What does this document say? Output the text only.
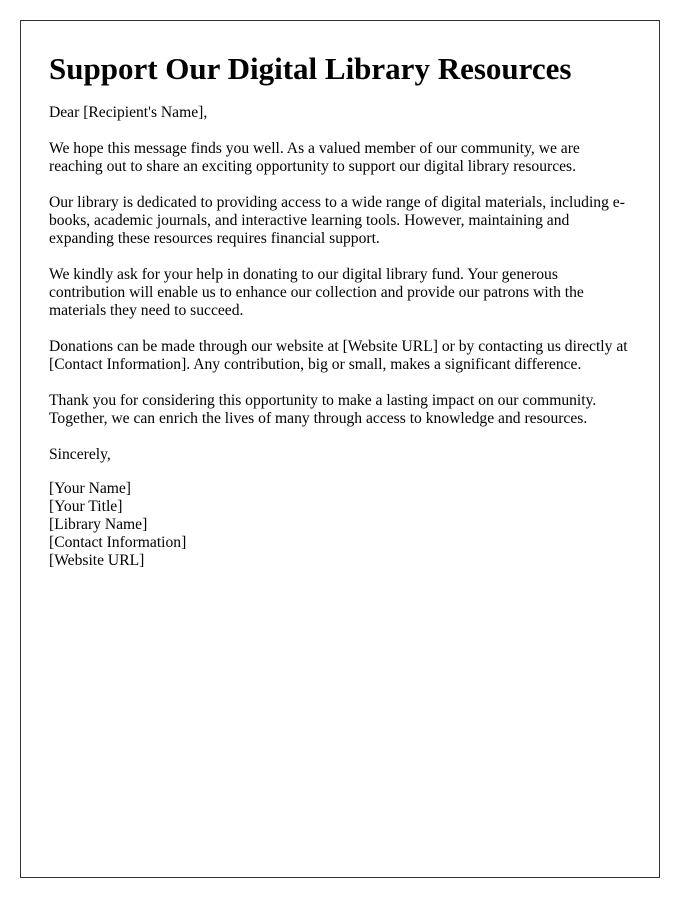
Support Our Digital Library Resources

Dear [Recipient's Name],

We hope this message finds you well. As a valued member of our community, we are reaching out to share an exciting opportunity to support our digital library resources.

Our library is dedicated to providing access to a wide range of digital materials, including e-books, academic journals, and interactive learning tools. However, maintaining and expanding these resources requires financial support.

We kindly ask for your help in donating to our digital library fund. Your generous contribution will enable us to enhance our collection and provide our patrons with the materials they need to succeed.

Donations can be made through our website at [Website URL] or by contacting us directly at [Contact Information]. Any contribution, big or small, makes a significant difference.

Thank you for considering this opportunity to make a lasting impact on our community. Together, we can enrich the lives of many through access to knowledge and resources.

Sincerely,

[Your Name]
[Your Title]
[Library Name]
[Contact Information]
[Website URL]
